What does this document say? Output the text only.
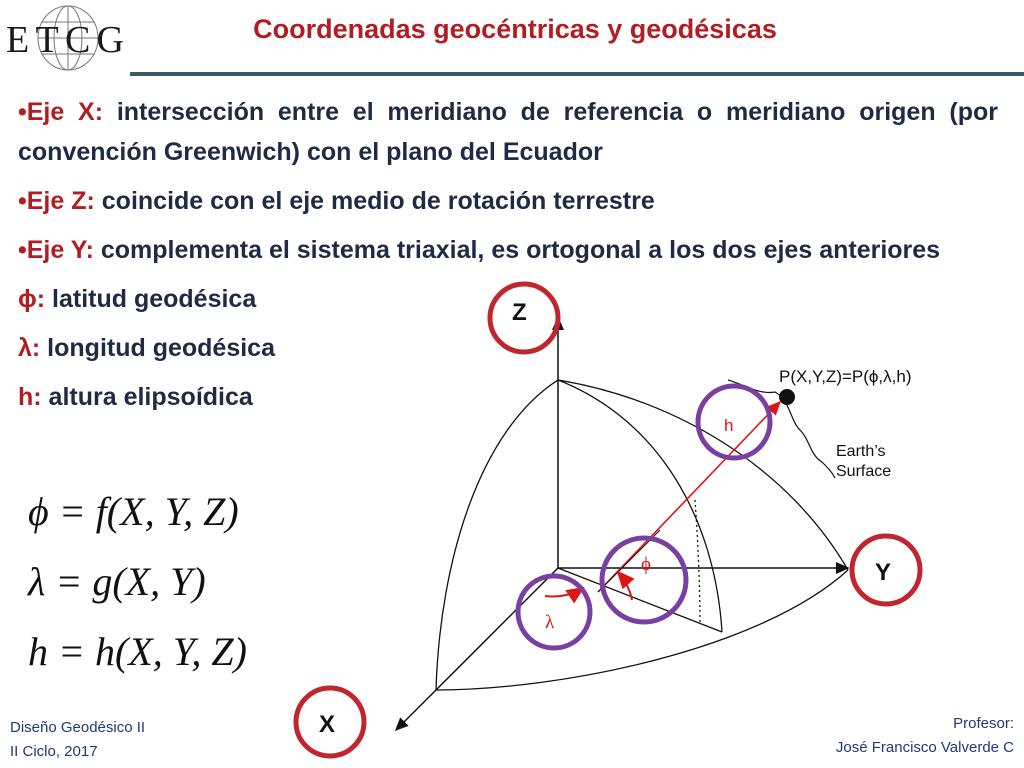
ETCG	Coordenadas geocéntricas y geodésicas
•Eje X: intersección entre el meridiano de referencia o meridiano origen (por convención Greenwich) con el plano del Ecuador
•Eje Z: coincide con el eje medio de rotación terrestre
•Eje Y: complementa el sistema triaxial, es ortogonal a los dos ejes anteriores
ϕ: latitud geodésica
λ: longitud geodésica
h: altura elipsoídica
ϕ = f(X, Y, Z)
λ = g(X, Y)
h = h(X, Y, Z)
Z
Y
X
P(X,Y,Z)=P(ϕ,λ,h)
Earth’s
Surface
h
ϕ
λ
Diseño Geodésico II
II Ciclo, 2017
Profesor:
José Francisco Valverde C
